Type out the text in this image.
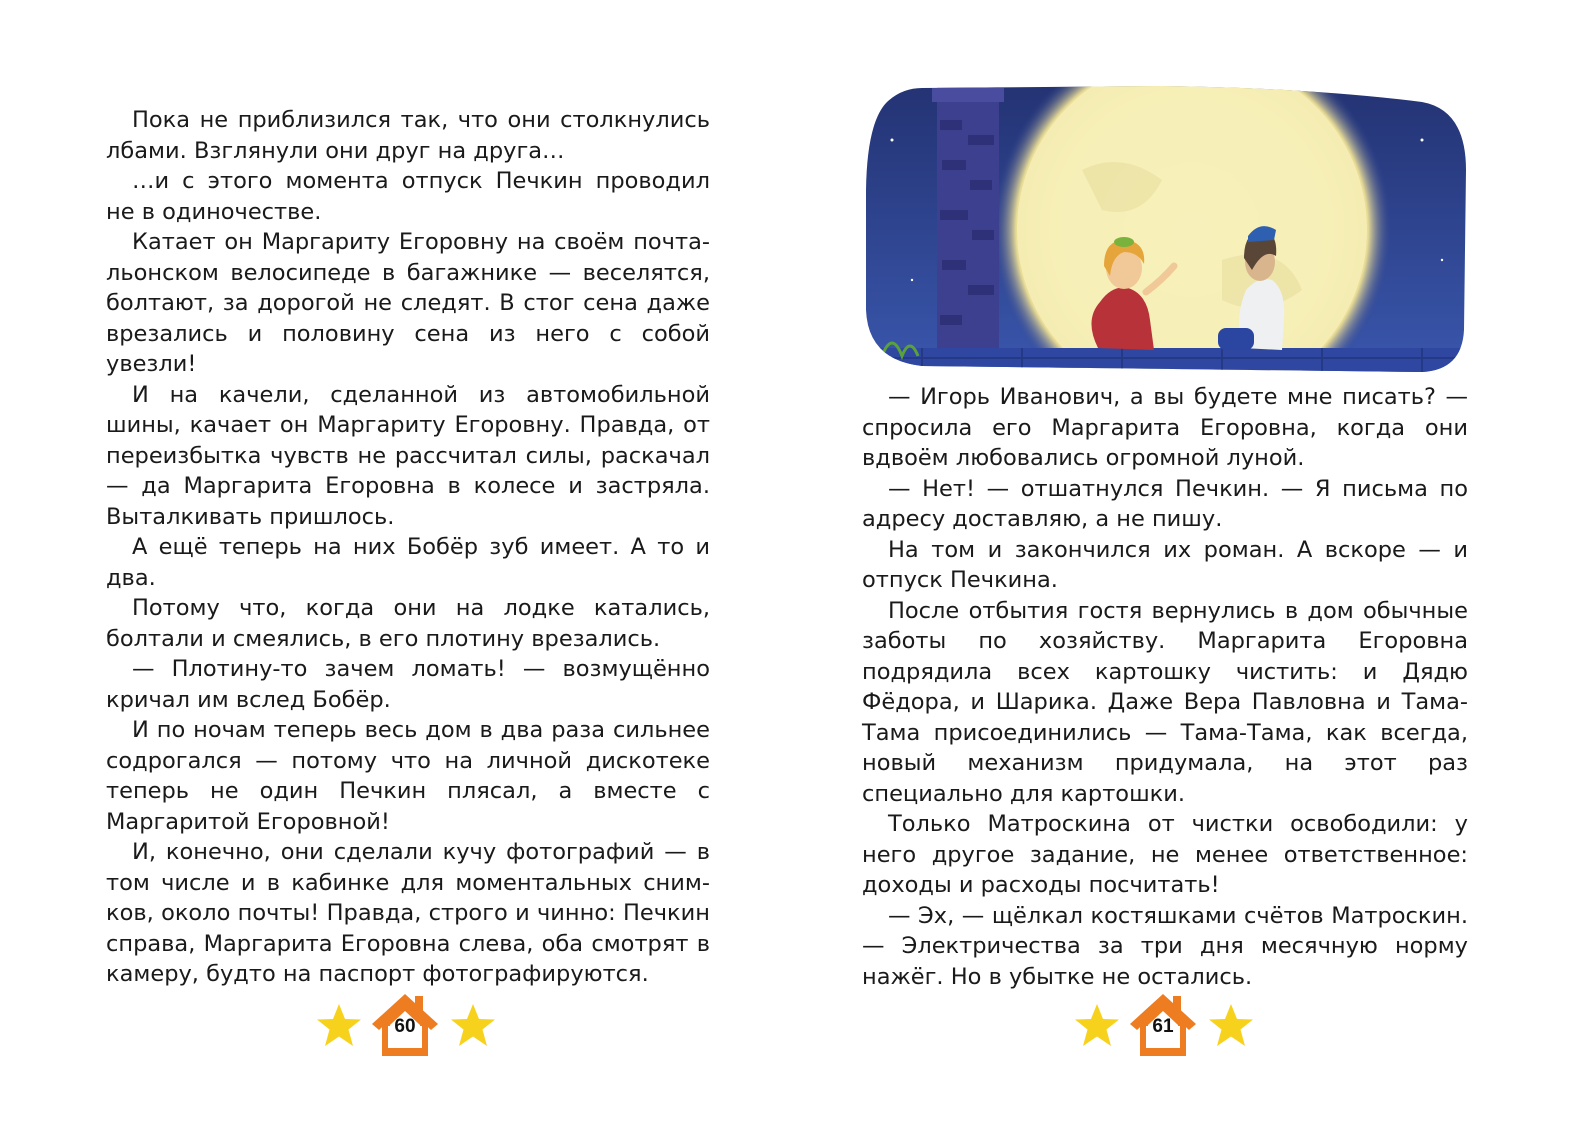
Пока не приблизился так, что они столкнулись лбами. Взглянули они друг на друга…

…и с этого момента отпуск Печкин проводил не в одиночестве.

Катает он Маргариту Егоровну на своём почтальонском велосипеде в багажнике — веселятся, болтают, за дорогой не следят. В стог сена даже врезались и половину сена из него с собой увезли!

И на качели, сделанной из автомобильной шины, качает он Маргариту Егоровну. Правда, от переизбытка чувств не рассчитал силы, раскачал — да Маргарита Егоровна в колесе и застряла. Выталкивать пришлось.

А ещё теперь на них Бобёр зуб имеет. А то и два.

Потому что, когда они на лодке катались, болтали и смеялись, в его плотину врезались.

— Плотину-то зачем ломать! — возмущённо кричал им вслед Бобёр.

И по ночам теперь весь дом в два раза сильнее содрогался — потому что на личной дискотеке теперь не один Печкин плясал, а вместе с Маргаритой Егоровной!

И, конечно, они сделали кучу фотографий — в том числе и в кабинке для моментальных снимков, около почты! Правда, строго и чинно: Печкин справа, Маргарита Егоровна слева, оба смотрят в камеру, будто на паспорт фотографируются.

60

— Игорь Иванович, а вы будете мне писать? — спросила его Маргарита Егоровна, когда они вдвоём любовались огромной луной.

— Нет! — отшатнулся Печкин. — Я письма по адресу доставляю, а не пишу.

На том и закончился их роман. А вскоре — и отпуск Печкина.

После отбытия гостя вернулись в дом обычные заботы по хозяйству. Маргарита Егоровна подрядила всех картошку чистить: и Дядю Фёдора, и Шарика. Даже Вера Павловна и Тама-Тама присоединились — Тама-Тама, как всегда, новый механизм придумала, на этот раз специально для картошки.

Только Матроскина от чистки освободили: у него другое задание, не менее ответственное: доходы и расходы посчитать!

— Эх, — щёлкал костяшками счётов Матроскин. — Электричества за три дня месячную норму нажёг. Но в убытке не остались.

61
